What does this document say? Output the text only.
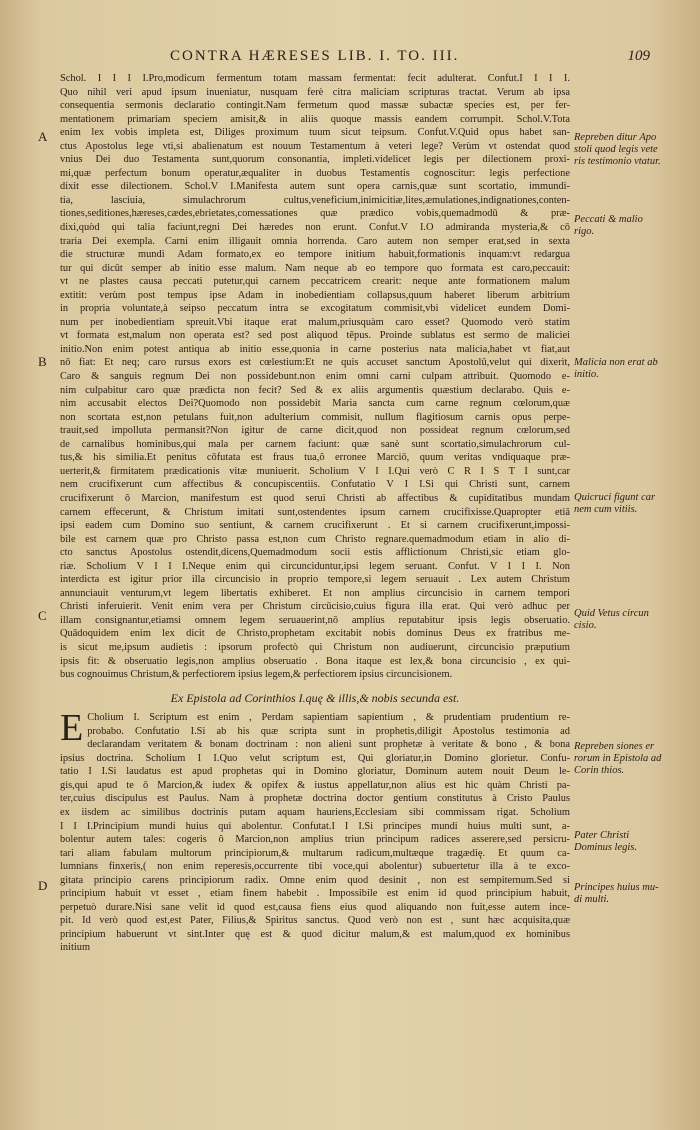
CONTRA HÆRESES LIB. I. TO. III.	109
A
B
C
D
Repreben ditur Apo stoli quod legis vete ris testimonio vtatur.
Peccati & malio rigo.
Malicia non erat ab initio.
Quicruci figunt car nem cum vitiis.
Quid Vetus circun cisio.
Repreben siones er rorum in Epistola ad Corin thios.
Pater Christi Dominus legis.
Principes huius mu- di multi.
Schol. I I I I.Pro,modicum fermentum totam massam fermentat: fecit adulterat. Confut.I I I I.
Quo nihil veri apud ipsum inueniatur, nusquam ferè citra maliciam scripturas tractat. Verum ab ipsa
consequentia sermonis declaratio contingit.Nam fermetum quod massæ subactæ species est, per fer-
mentationem primariam speciem amisit,& in aliis quoque massis eandem corrumpit. Schol.V.Tota
enim lex vobis impleta est, Diliges proximum tuum sicut teipsum. Confut.V.Quid opus habet san-
ctus Apostolus lege vti,si abalienatum est nouum Testamentum à veteri lege? Verùm vt ostendat quod
vnius Dei duo Testamenta sunt,quorum consonantia, impleti.videlicet legis per dilectionem proxi-
mi,quæ perfectum bonum operatur,æqualiter in duobus Testamentis cognoscitur: legis perfectione
dixit esse dilectionem. Schol.V I.Manifesta autem sunt opera carnis,quæ sunt scortatio, immundi-
tia, lasciuia, simulachrorum cultus,veneficium,inimicitiæ,lites,æmulationes,indignationes,conten-
tiones,seditiones,hæreses,cædes,ebrietates,comessationes quæ prædico vobis,quemadmodū & præ-
dixi,quòd qui talia faciunt,regni Dei hæredes non erunt. Confut.V I.O admiranda mysteria,& cō
traria Dei exempla. Carni enim illigauit omnia horrenda. Caro autem non semper erat,sed in sexta
die structuræ mundi Adam formato,ex eo tempore initium habuit,formationis inquam:vt redargua
tur qui dicūt semper ab initio esse malum. Nam neque ab eo tempore quo formata est caro,peccauit:
vt ne plastes causa peccati putetur,qui carnem peccatricem crearit: neque ante formationem malum
extitit: verùm post tempus ipse Adam in inobedientiam collapsus,quum haberet liberum arbitrium
in propria voluntate,à seipso peccatum intra se excogitatum commisit,vbi videlicet eundem Domi-
num per inobedientiam spreuit.Vbi itaque erat malum,priusquàm caro esset? Quomodo verò statim
vt formata est,malum non operata est? sed post aliquod tēpus. Proinde sublatus est sermo de maliciei
initio.Non enim potest antiqua ab initio esse,quonia in carne posterius nata malicia,habet vt fiat,aut
nō fiat: Et neq; caro rursus exors est cœlestium:Et ne quis accuset sanctum Apostolū,velut qui dixerit,
Caro & sanguis regnum Dei non possidebunt.non enim omni carni culpam attribuit. Quomodo e-
nim culpabitur caro quæ prædicta non fecit? Sed & ex aliis argumentis quæstium declarabo. Quis e-
nim accusabit electos Dei?Quomodo non possidebit Maria sancta cum carne regnum cœlorum,quæ
non scortata est,non petulans fuit,non adulterium commisit, nullum flagitiosum carnis opus perpe-
trauit,sed impolluta permansit?Non igitur de carne dicit,quod non possideat regnum cœlorum,sed
de carnalibus hominibus,qui mala per carnem faciunt: quæ sanè sunt scortatio,simulachrorum cul-
tus,& his similia.Et penitus cōfutata est fraus tua,ô erronee Marciō, quum veritas vndiquaque præ-
uerterit,& firmitatem prædicationis vitæ muniuerit. Scholium V I I.Qui verò C R I S T I sunt,car
nem crucifixerunt cum affectibus & concupiscentiis. Confutatio V I I.Si qui Christi sunt, carnem
crucifixerunt ô Marcion, manifestum est quod serui Christi ab affectibus & cupiditatibus mundam
carnem effecerunt, & Christum imitati sunt,ostendentes ipsum carnem crucifixisse.Quapropter etiā
ipsi eadem cum Domino suo sentiunt, & carnem crucifixerunt . Et si carnem crucifixerunt,impossi-
bile est carnem quæ pro Christo passa est,non cum Christo regnare.quemadmodum etiam in alio di-
cto sanctus Apostolus ostendit,dicens,Quemadmodum socii estis afflictionum Christi,sic etiam glo-
riæ. Scholium V I I I.Neque enim qui circunciduntur,ipsi legem seruant. Confut. V I I I. Non
interdicta est igitur prior illa circuncisio in proprio tempore,si legem seruauit . Lex autem Christum
annunciauit venturum,vt legem libertatis exhiberet. Et non amplius circuncisio in carnem tempori
Christi inferuierit. Venit enim vera per Christum circūcisio,cuius figura illa erat. Qui verò adhuc per
illam consignantur,etiamsi omnem legem seruauerint,nō amplius reputabitur ipsis legis obseruatio.
Quādoquidem enim lex dicit de Christo,prophetam excitabit nobis dominus Deus ex fratribus me-
is sicut me,ipsum audietis : ipsorum profectò qui Christum non audiuerunt, circuncisio præputium
ipsis fit: & obseruatio legis,non amplius obseruatio . Bona itaque est lex,& bona circuncisio , ex qui-
bus cognouimus Christum,& perfectiorem ipsius legem,& perfectiorem ipsius circuncisionem.
Ex Epistola ad Corinthios I.quę & illis,& nobis secunda est.
E Cholium I. Scriptum est enim , Perdam sapientiam sapientium , & prudentiam prudentium re-
probabo. Confutatio I.Si ab his quæ scripta sunt in prophetis,diligit Apostolus testimonia ad
declarandam veritatem & bonam doctrinam : non alieni sunt prophetæ à veritate & bono , & bona
ipsius doctrina. Scholium I I.Quo velut scriptum est, Qui gloriatur,in Domino glorietur. Confu-
tatio I I.Si laudatus est apud prophetas qui in Domino gloriatur, Dominum autem nouit Deum le-
gis,qui apud te ô Marcion,& iudex & opifex & iustus appellatur,non alius est hic quàm Christi pa-
ter,cuius discipulus est Paulus. Nam à prophetæ doctrina doctor gentium constitutus à Cristo Paulus
ex iisdem ac similibus doctrinis putam aquam hauriens,Ecclesiam sibi commissam rigat. Scholium
I I I.Principium mundi huius qui abolentur. Confutat.I I I.Si principes mundi huius multi sunt, a-
bolentur autem tales: cogeris ô Marcion,non amplius triun principum radices asserere,sed persicru-
tari aliam fabulam multorum principiorum,& multarum radicum,multæque tragædię. Et quum ca-
lumnians finxeris,( non enim reperesis,occurrente tibi voce,qui abolentur) subuertetur illa à te exco-
gitata principio carens principiorum radix. Omne enim quod desinit , non est sempiternum.Sed si
principium habuit vt esset , etiam finem habebit . Impossibile est enim id quod principium habuit,
perpetuò durare.Nisi sane velit id quod est,causa fiens eius quod aliquando non fuit,esse autem ince-
pit. Id verò quod est,est Pater, Filius,& Spiritus sanctus. Quod verò non est , sunt hæc acquisita,quæ
principium habuerunt vt sint.Inter quę est & quod dicitur malum,& est malum,quod ex hominibus
initium
